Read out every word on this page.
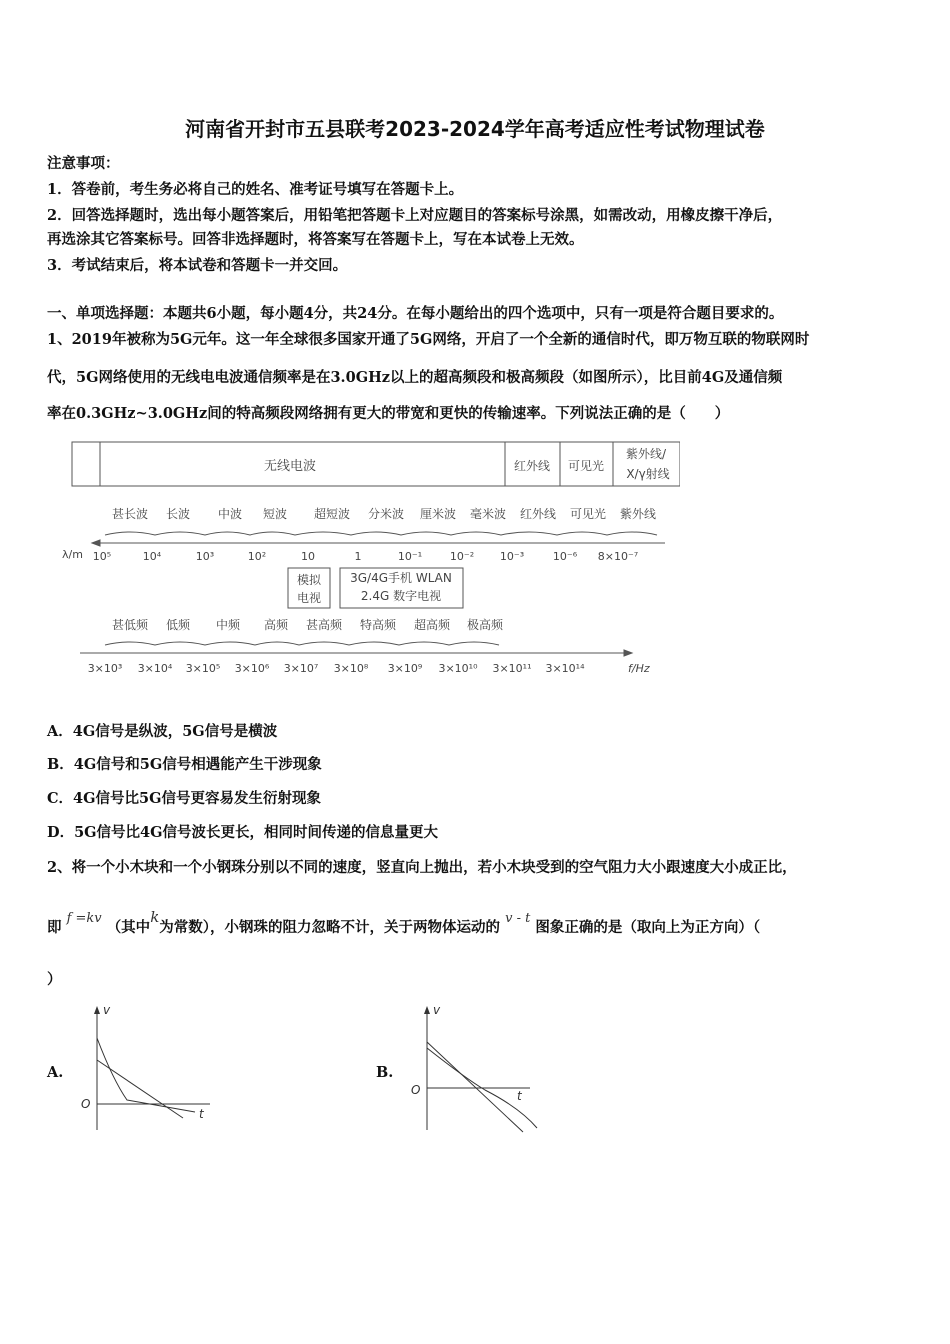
河南省开封市五县联考2023-2024学年高考适应性考试物理试卷
注意事项：
1．答卷前，考生务必将自己的姓名、准考证号填写在答题卡上。
2．回答选择题时，选出每小题答案后，用铅笔把答题卡上对应题目的答案标号涂黑，如需改动，用橡皮擦干净后，
再选涂其它答案标号。回答非选择题时，将答案写在答题卡上，写在本试卷上无效。
3．考试结束后，将本试卷和答题卡一并交回。
一、单项选择题：本题共6小题，每小题4分，共24分。在每小题给出的四个选项中，只有一项是符合题目要求的。
1、2019年被称为5G元年。这一年全球很多国家开通了5G网络，开启了一个全新的通信时代，即万物互联的物联网时
代，5G网络使用的无线电电波通信频率是在3.0GHz以上的超高频段和极高频段（如图所示），比目前4G及通信频
率在0.3GHz~3.0GHz间的特高频段网络拥有更大的带宽和更快的传输速率。下列说法正确的是（　　）
无线电波	红外线 可见光
紫外线/
X/γ射线
甚长波 长波 中波 短波 超短波 分米波 厘米波 毫米波 红外线 可见光 紫外线
λ/m 10⁵	10⁴	10³	10²	10	1	10⁻¹	10⁻² 10⁻³	10⁻⁶ 8×10⁻⁷
模拟
电视
3G/4G手机 WLAN
2.4G 数字电视
甚低频 低频 中频 高频 甚高频 特高频 超高频 极高频
3×10³ 3×10⁴ 3×10⁵ 3×10⁶ 3×10⁷ 3×10⁸ 3×10⁹ 3×10¹⁰ 3×10¹¹ 3×10¹⁴	f/Hz
A．4G信号是纵波，5G信号是横波
B．4G信号和5G信号相遇能产生干涉现象
C．4G信号比5G信号更容易发生衍射现象
D．5G信号比4G信号波长更长，相同时间传递的信息量更大
2、将一个小木块和一个小钢珠分别以不同的速度，竖直向上抛出，若小木块受到的空气阻力大小跟速度大小成正比，
即 f =kv （其中k为常数），小钢珠的阻力忽略不计，关于两物体运动的 v - t 图象正确的是（取向上为正方向）（
）
A.
v
t
O
B.
v
t
O
